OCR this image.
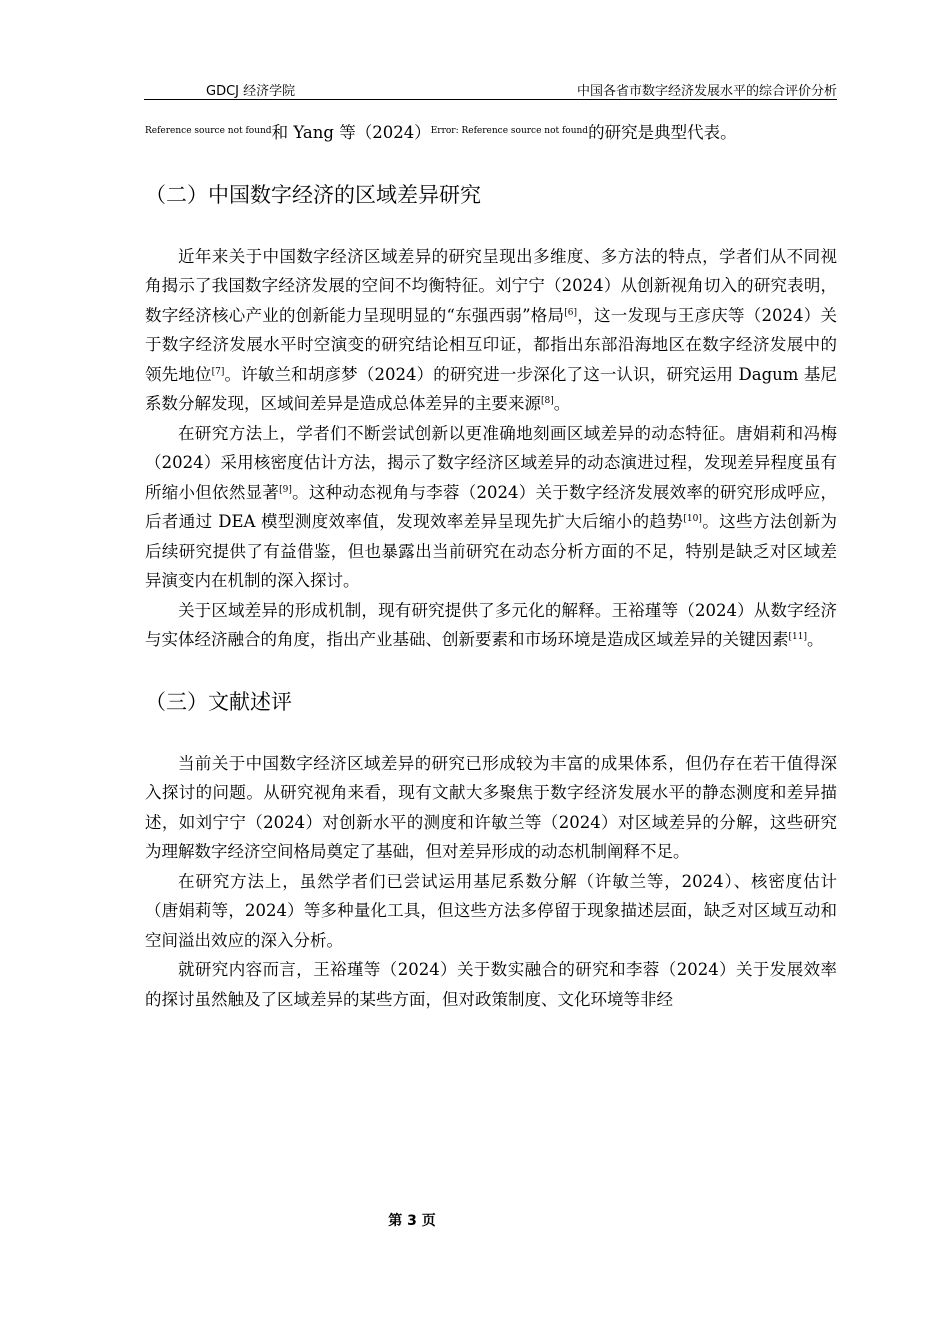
GDCJ 经济学院	中国各省市数字经济发展水平的综合评价分析

$^{Reference source not found}$和 Yang 等$(2024)^{Error: Reference source not found}$的研究是典型代表。

（二）中国数字经济的区域差异研究

近年来关于中国数字经济区域差异的研究呈现出多维度、多方法的特点，学者们从不同视角揭示了我国数字经济发展的空间不均衡特征。刘宁宁（2024）从创新视角切入的研究表明，数字经济核心产业的创新能力呈现明显的“东强西弱”格局[6]，这一发现与王彦庆等（2024）关于数字经济发展水平时空演变的研究结论相互印证，都指出东部沿海地区在数字经济发展中的领先地位[7]。许敏兰和胡彦梦（2024）的研究进一步深化了这一认识，研究运用 Dagum 基尼系数分解发现，区域间差异是造成总体差异的主要来源[8]。

在研究方法上，学者们不断尝试创新以更准确地刻画区域差异的动态特征。唐娟莉和冯梅（2024）采用核密度估计方法，揭示了数字经济区域差异的动态演进过程，发现差异程度虽有所缩小但依然显著[9]。这种动态视角与李蓉（2024）关于数字经济发展效率的研究形成呼应，后者通过 DEA 模型测度效率值，发现效率差异呈现先扩大后缩小的趋势[10]。这些方法创新为后续研究提供了有益借鉴，但也暴露出当前研究在动态分析方面的不足，特别是缺乏对区域差异演变内在机制的深入探讨。

关于区域差异的形成机制，现有研究提供了多元化的解释。王裕瑾等（2024）从数字经济与实体经济融合的角度，指出产业基础、创新要素和市场环境是造成区域差异的关键因素[11]。

（三）文献述评

当前关于中国数字经济区域差异的研究已形成较为丰富的成果体系，但仍存在若干值得深入探讨的问题。从研究视角来看，现有文献大多聚焦于数字经济发展水平的静态测度和差异描述，如刘宁宁（2024）对创新水平的测度和许敏兰等（2024）对区域差异的分解，这些研究为理解数字经济空间格局奠定了基础，但对差异形成的动态机制阐释不足。

在研究方法上，虽然学者们已尝试运用基尼系数分解（许敏兰等，2024）、核密度估计（唐娟莉等，2024）等多种量化工具，但这些方法多停留于现象描述层面，缺乏对区域互动和空间溢出效应的深入分析。

就研究内容而言，王裕瑾等（2024）关于数实融合的研究和李蓉（2024）关于发展效率的探讨虽然触及了区域差异的某些方面，但对政策制度、文化环境等非经

第 3 页
